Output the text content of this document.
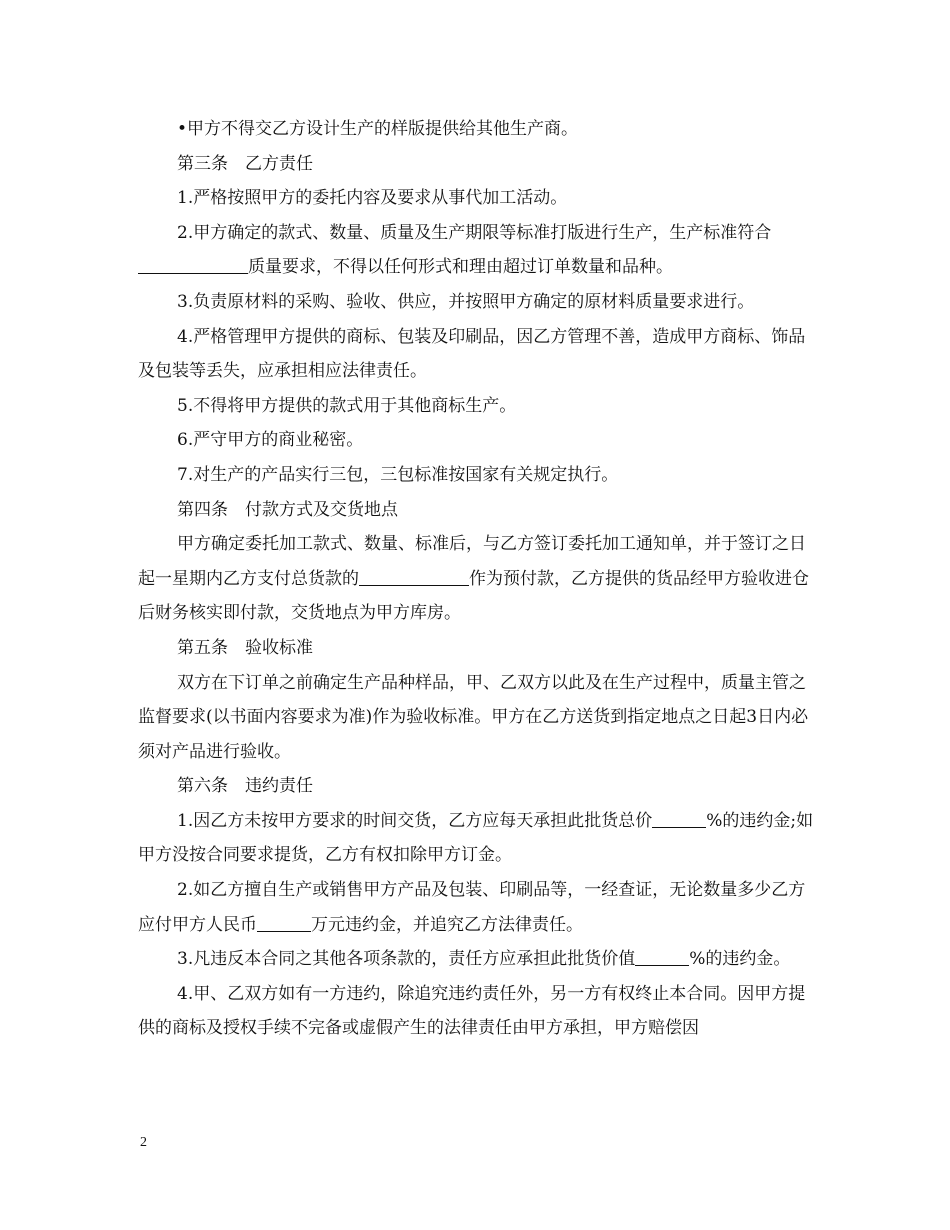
•甲方不得交乙方设计生产的样版提供给其他生产商。

第三条　乙方责任

1.严格按照甲方的委托内容及要求从事代加工活动。

2.甲方确定的款式、数量、质量及生产期限等标准打版进行生产，生产标准符合质量要求，不得以任何形式和理由超过订单数量和品种。

3.负责原材料的采购、验收、供应，并按照甲方确定的原材料质量要求进行。

4.严格管理甲方提供的商标、包装及印刷品，因乙方管理不善，造成甲方商标、饰品及包装等丢失，应承担相应法律责任。

5.不得将甲方提供的款式用于其他商标生产。

6.严守甲方的商业秘密。

7.对生产的产品实行三包，三包标准按国家有关规定执行。

第四条　付款方式及交货地点

甲方确定委托加工款式、数量、标准后，与乙方签订委托加工通知单，并于签订之日起一星期内乙方支付总货款的	作为预付款，乙方提供的货品经甲方验收进仓后财务核实即付款，交货地点为甲方库房。

第五条　验收标准

双方在下订单之前确定生产品种样品，甲、乙双方以此及在生产过程中，质量主管之监督要求(以书面内容要求为准)作为验收标准。甲方在乙方送货到指定地点之日起3日内必须对产品进行验收。

第六条　违约责任

1.因乙方未按甲方要求的时间交货，乙方应每天承担此批货总价	%的违约金;如甲方没按合同要求提货，乙方有权扣除甲方订金。

2.如乙方擅自生产或销售甲方产品及包装、印刷品等，一经查证，无论数量多少乙方应付甲方人民币	万元违约金，并追究乙方法律责任。

3.凡违反本合同之其他各项条款的，责任方应承担此批货价值	%的违约金。

4.甲、乙双方如有一方违约，除追究违约责任外，另一方有权终止本合同。因甲方提供的商标及授权手续不完备或虚假产生的法律责任由甲方承担，甲方赔偿因

2
